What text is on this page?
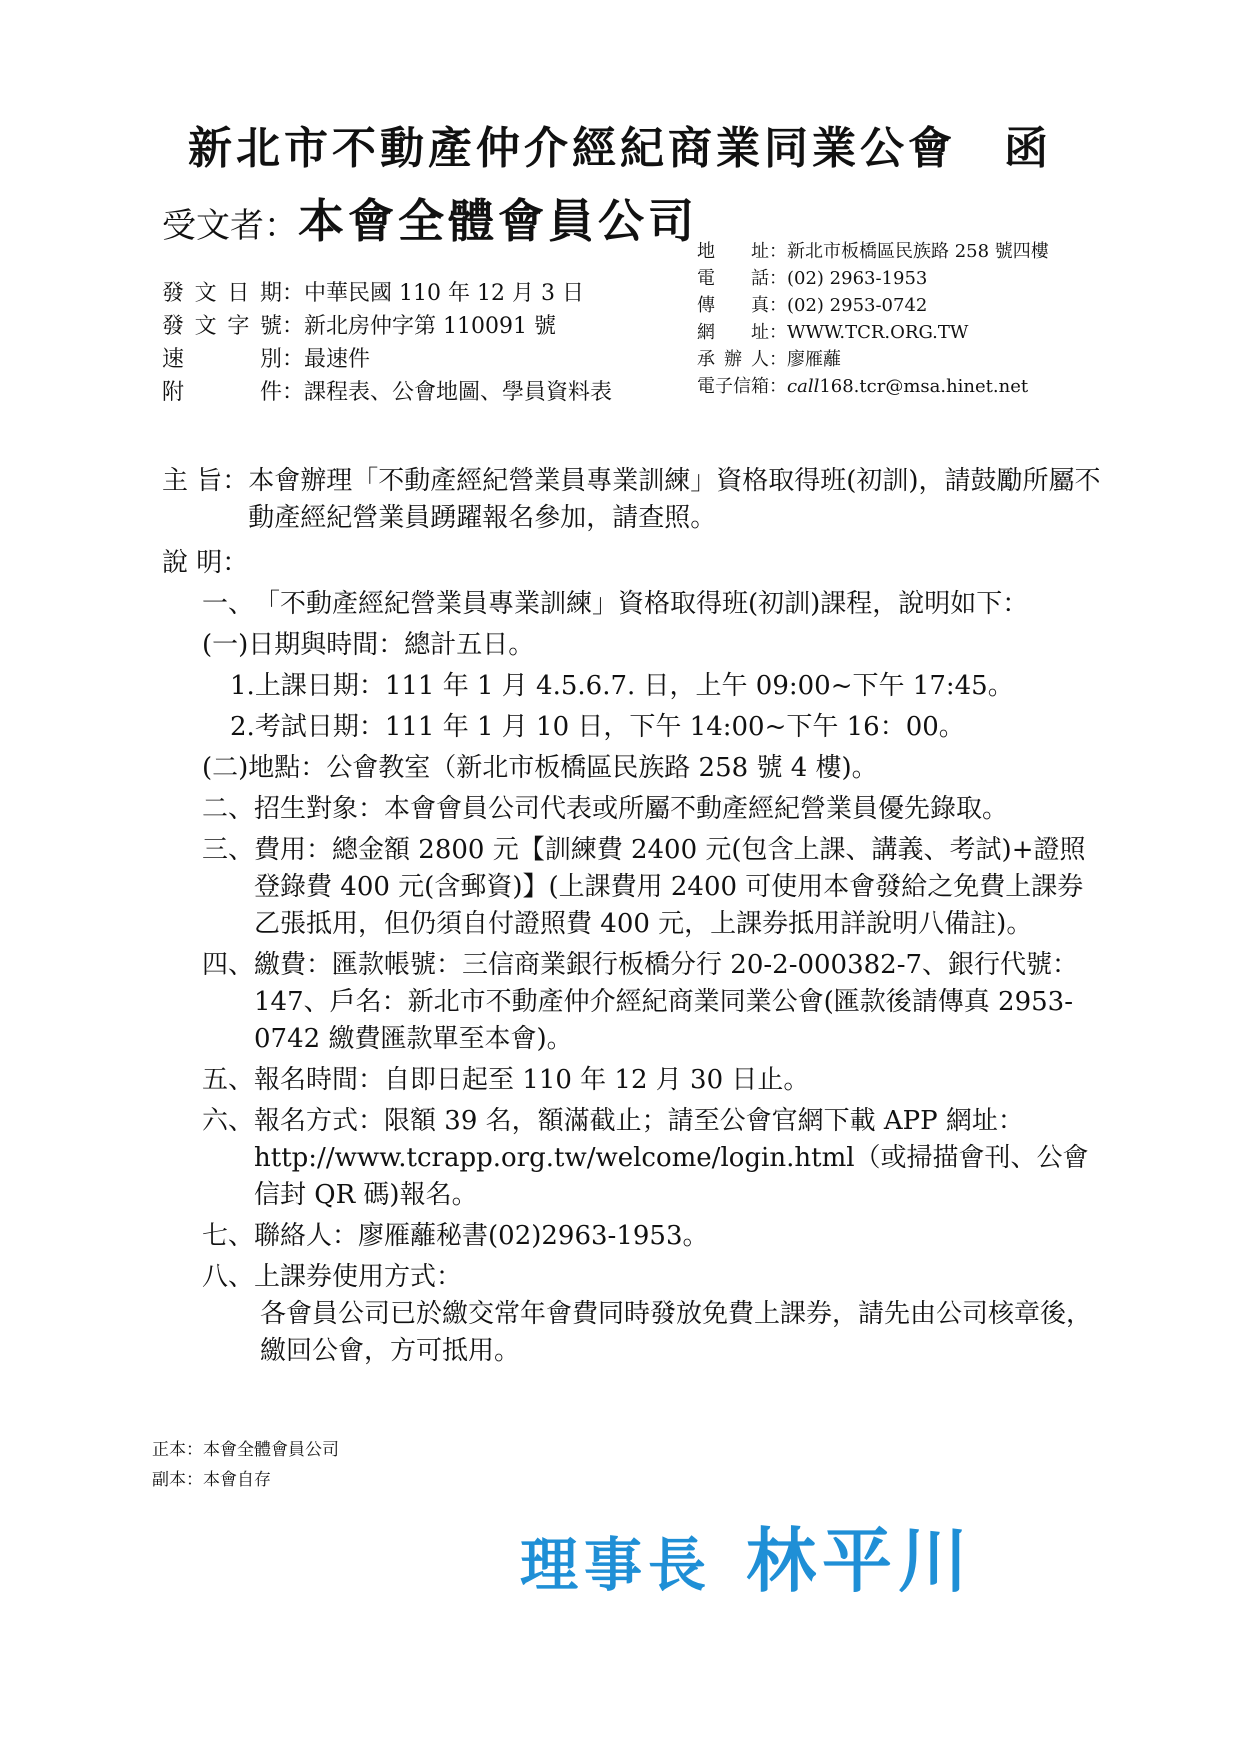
新北市不動產仲介經紀商業同業公會 函
受文者：本會全體會員公司
地址 ：新北市板橋區民族路 258 號四樓
電話 ：(02) 2963-1953
傳真 ：(02) 2953-0742
網址 ：WWW.TCR.ORG.TW
承辦人 ：廖雁蘺
電子信箱 ： call 168.tcr@msa.hinet.net
發文日期 ：中華民國 110 年 12 月 3 日
發文字號 ：新北房仲字第 110091 號
速別 ：最速件
附件 ：課程表、公會地圖、學員資料表

主 旨： 本會辦理「不動產經紀營業員專業訓練」資格取得班(初訓)，請鼓勵所屬不動產經紀營業員踴躍報名參加，請查照。

說 明：

一、 「不動產經紀營業員專業訓練」資格取得班(初訓)課程，說明如下：

(一) 日期與時間：總計五日。

1. 上課日期：111 年 1 月 4.5.6.7. 日，上午 09:00~下午 17:45。

2. 考試日期：111 年 1 月 10 日，下午 14:00~下午 16：00。

(二) 地點：公會教室（新北市板橋區民族路 258 號 4 樓)。

二、 招生對象：本會會員公司代表或所屬不動產經紀營業員優先錄取。

三、 費用：總金額 2800 元【訓練費 2400 元(包含上課、講義、考試)+證照登錄費 400 元(含郵資)】(上課費用 2400 可使用本會發給之免費上課券乙張抵用，但仍須自付證照費 400 元，上課券抵用詳說明八備註)。

四、 繳費：匯款帳號：三信商業銀行板橋分行 20-2-000382-7、銀行代號：147、戶名：新北市不動產仲介經紀商業同業公會(匯款後請傳真 2953-0742 繳費匯款單至本會)。

五、 報名時間：自即日起至 110 年 12 月 30 日止。

六、 報名方式：限額 39 名，額滿截止；請至公會官網下載 APP 網址：http://www.tcrapp.org.tw/welcome/login.html（或掃描會刊、公會信封 QR 碼)報名。

七、 聯絡人：廖雁蘺秘書(02)2963-1953。

八、 上課券使用方式：

各會員公司已於繳交常年會費同時發放免費上課券，請先由公司核章後，繳回公會，方可抵用。

正本：本會全體會員公司
副本：本會自存
理事長 林平川
